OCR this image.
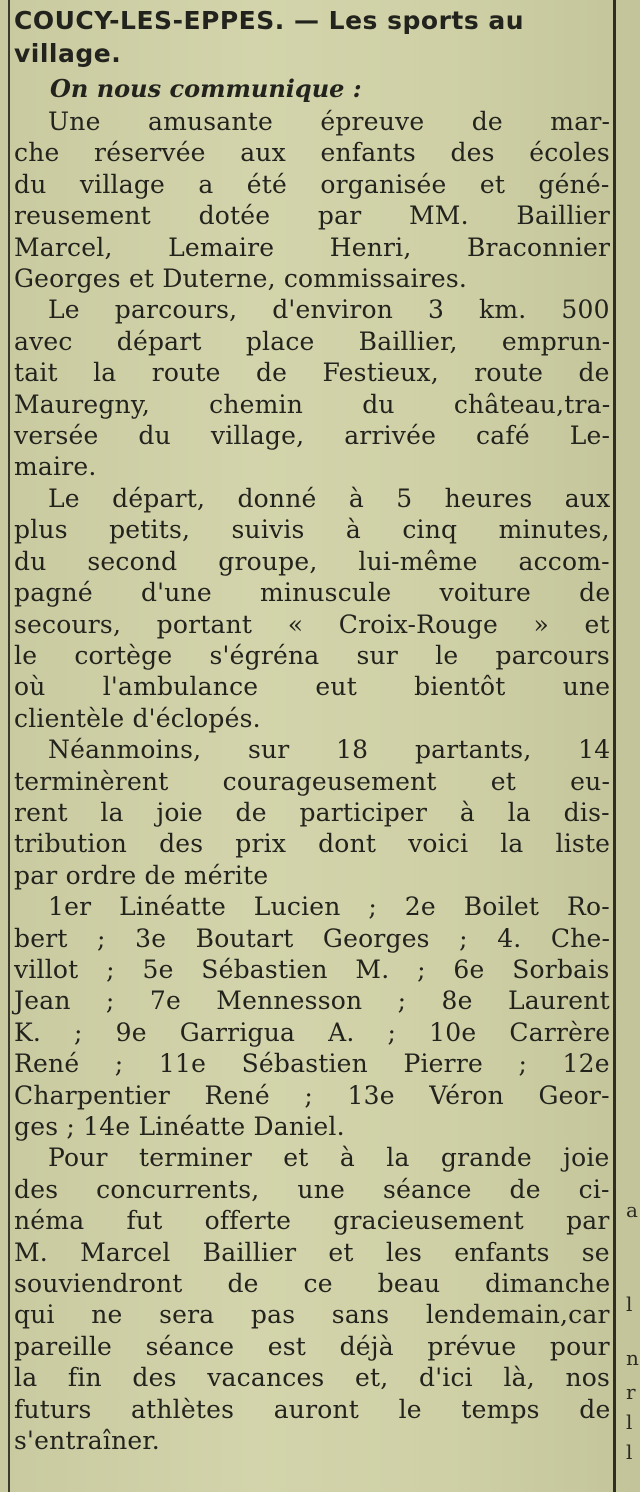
a
l
n
r
l
l
COUCY-LES-EPPES. — Les sports au village.
On nous communique :

Une amusante épreuve de mar-
che réservée aux enfants des écoles
du village a été organisée et géné-
reusement dotée par MM. Baillier
Marcel, Lemaire Henri, Braconnier
Georges et Duterne, commissaires.

Le parcours, d'environ 3 km. 500
avec départ place Baillier, emprun-
tait la route de Festieux, route de
Mauregny, chemin du château,tra-
versée du village, arrivée café Le-
maire.

Le départ, donné à 5 heures aux
plus petits, suivis à cinq minutes,
du second groupe, lui-même accom-
pagné d'une minuscule voiture de
secours, portant « Croix-Rouge » et
le cortège s'égréna sur le parcours
où l'ambulance eut bientôt une
clientèle d'éclopés.

Néanmoins, sur 18 partants, 14
terminèrent courageusement et eu-
rent la joie de participer à la dis-
tribution des prix dont voici la liste
par ordre de mérite

1er Linéatte Lucien ; 2e Boilet Ro-
bert ; 3e Boutart Georges ; 4. Che-
villot ; 5e Sébastien M. ; 6e Sorbais
Jean ; 7e Mennesson ; 8e Laurent
K. ; 9e Garrigua A. ; 10e Carrère
René ; 11e Sébastien Pierre ; 12e
Charpentier René ; 13e Véron Geor-
ges ; 14e Linéatte Daniel.

Pour terminer et à la grande joie
des concurrents, une séance de ci-
néma fut offerte gracieusement par
M. Marcel Baillier et les enfants se
souviendront de ce beau dimanche
qui ne sera pas sans lendemain,car
pareille séance est déjà prévue pour
la fin des vacances et, d'ici là, nos
futurs athlètes auront le temps de
s'entraîner.
